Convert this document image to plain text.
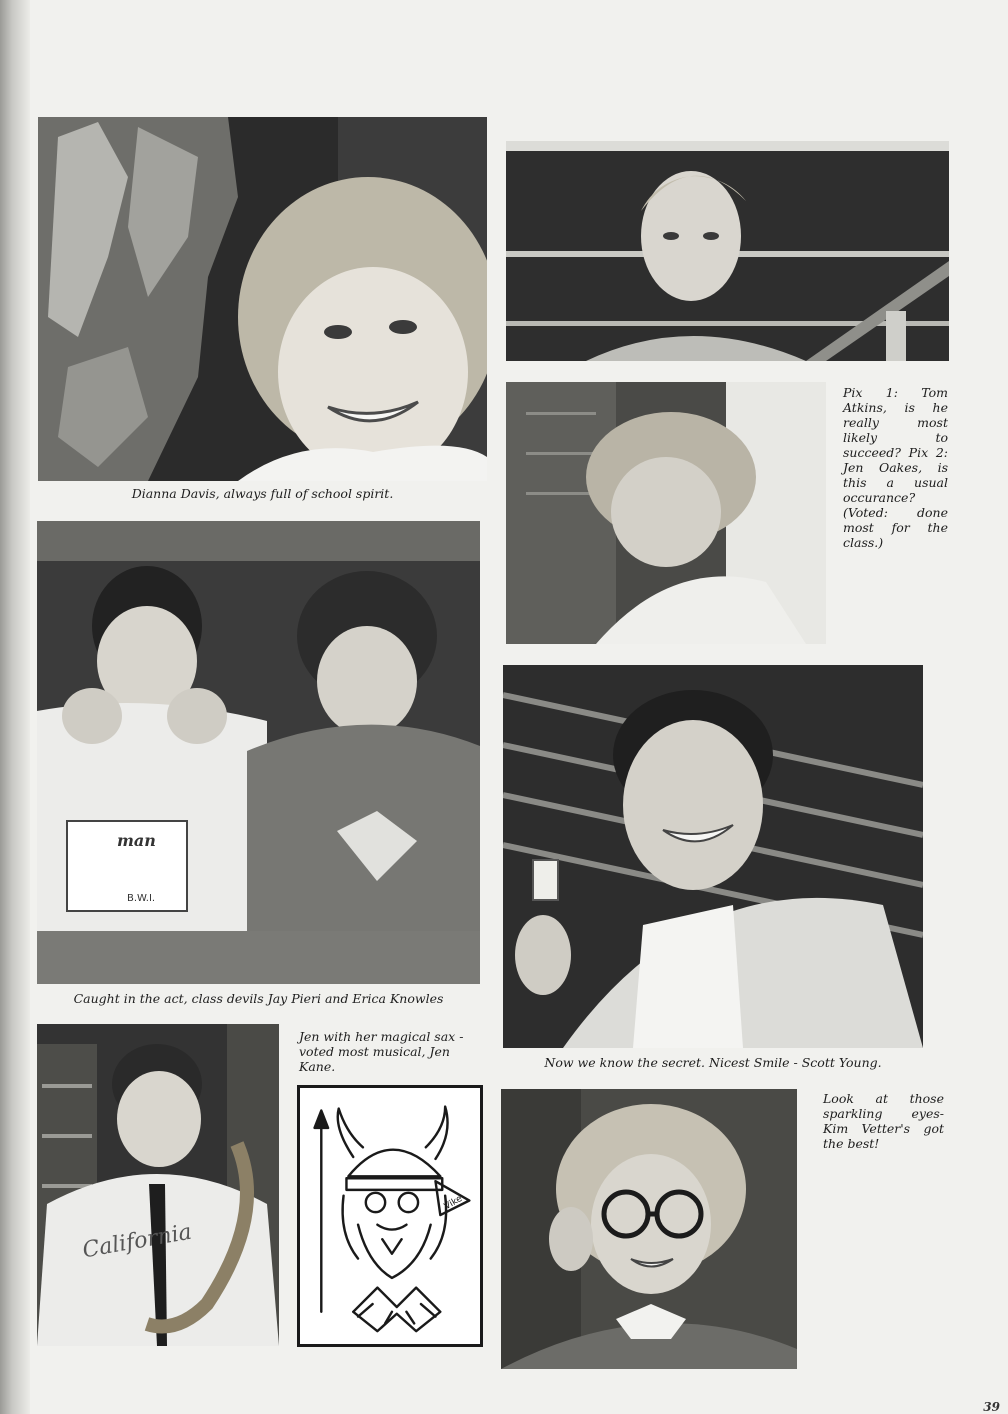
Dianna Davis, always full of school spirit.

Pix 1: Tom Atkins, is he really most likely to succeed? Pix 2: Jen Oakes, is this a usual occurance? (Voted: done most for the class.)

man
B.W.I.

Caught in the act, class devils Jay Pieri and Erica Knowles

Now we know the secret. Nicest Smile - Scott Young.

California

Jen with her magical sax - voted most musical, Jen Kane.

Vike

Look at those sparkling eyes- Kim Vetter's got the best!

39
